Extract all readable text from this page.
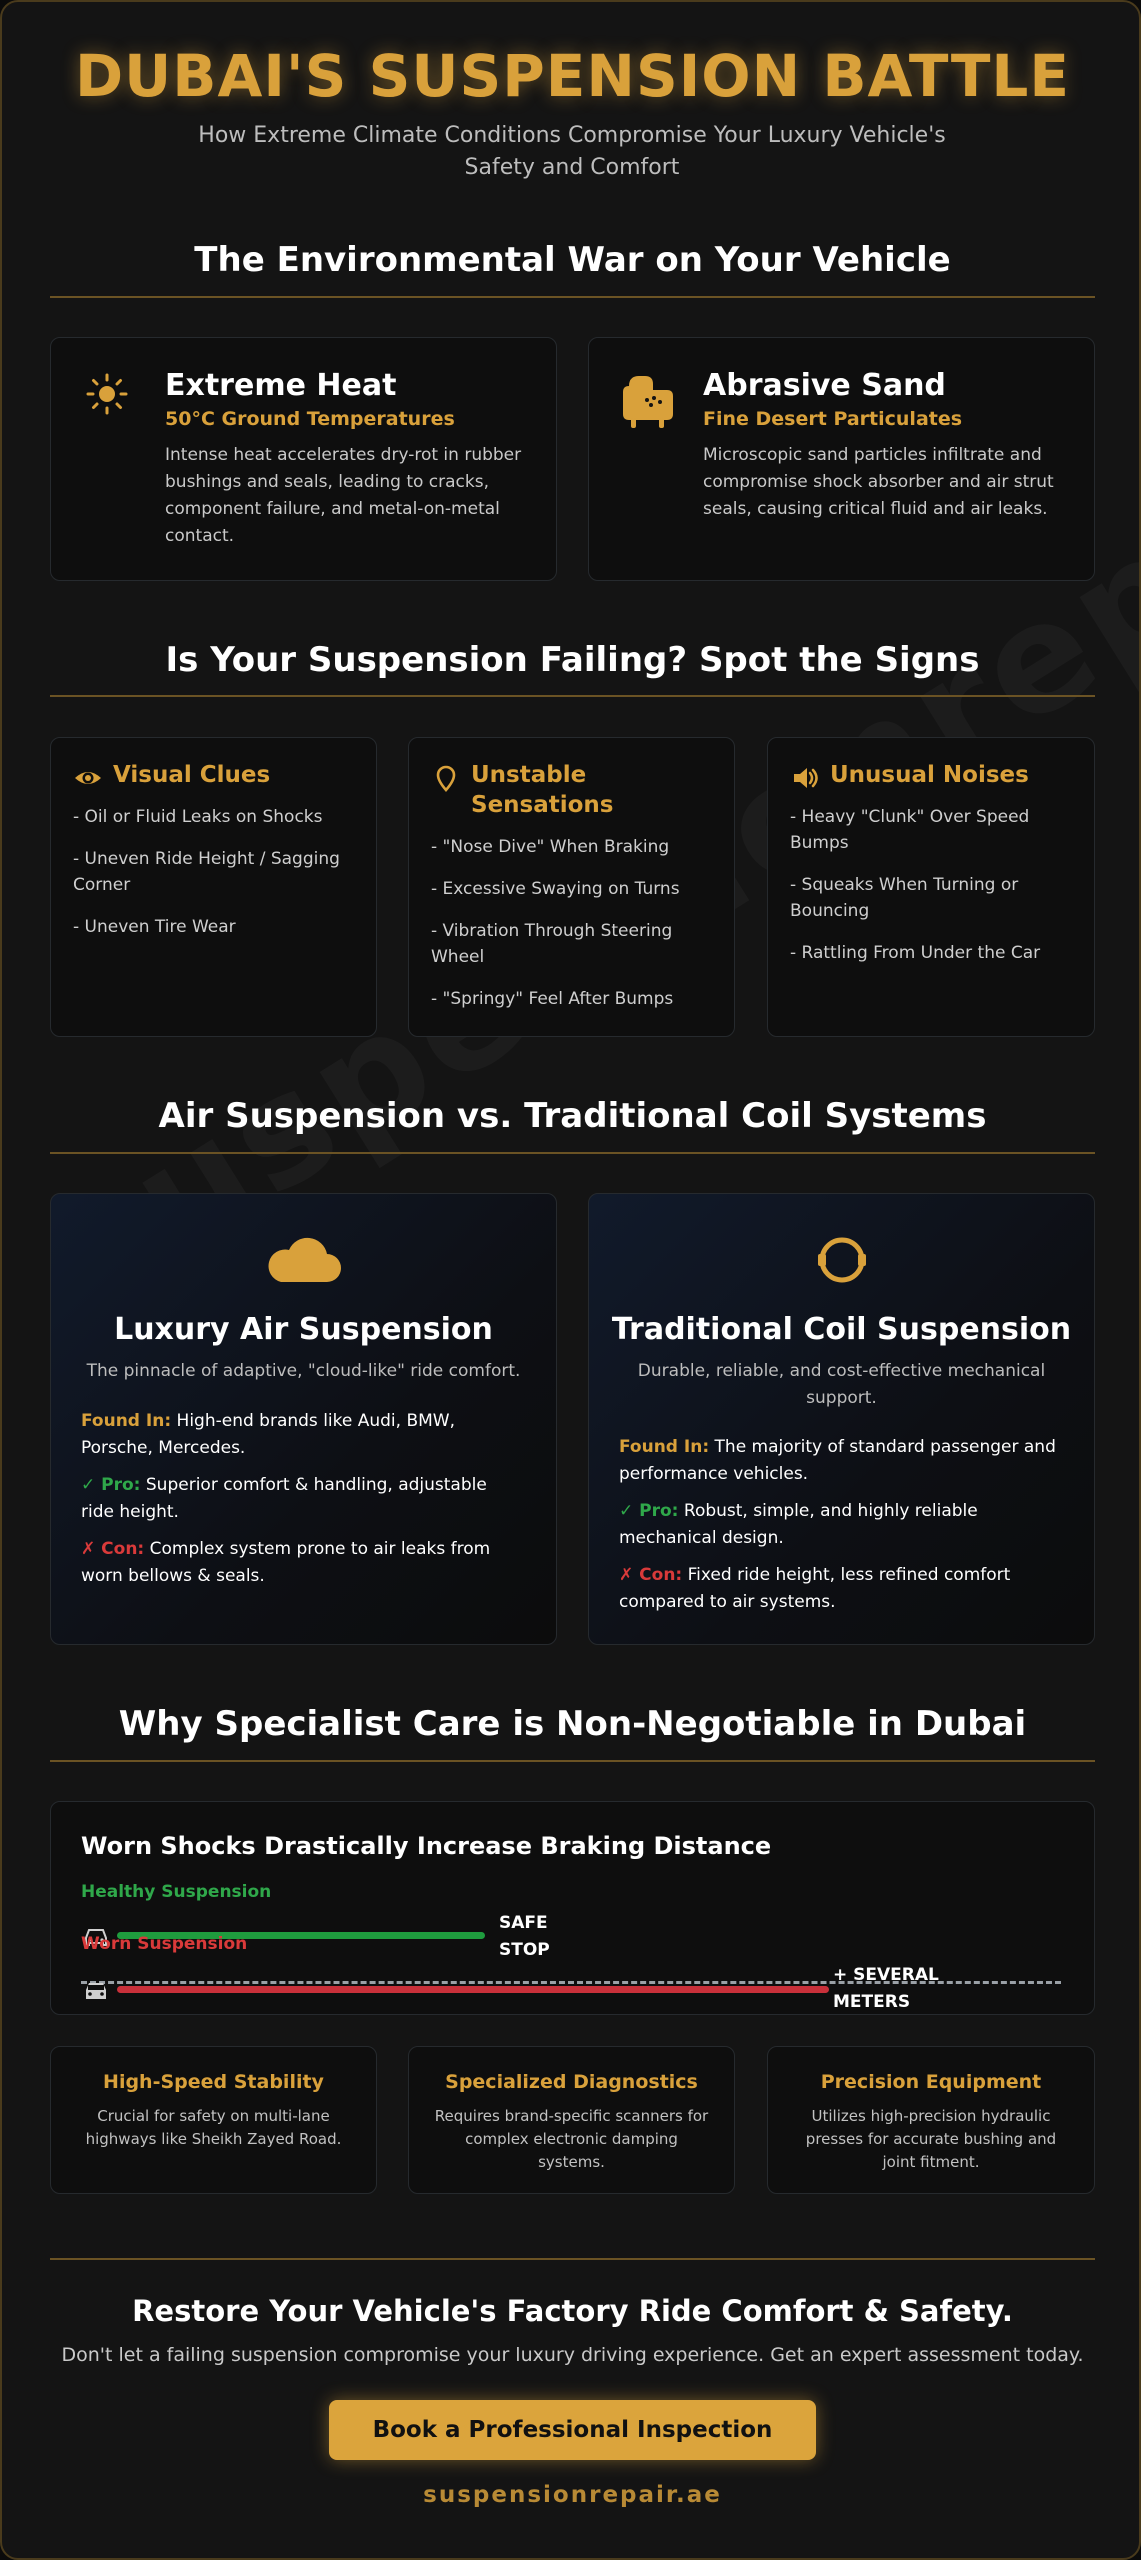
DUBAI'S SUSPENSION BATTLE

How Extreme Climate Conditions Compromise Your Luxury Vehicle's Safety and Comfort

The Environmental War on Your Vehicle
Extreme Heat
50°C Ground Temperatures
Intense heat accelerates dry-rot in rubber bushings and seals, leading to cracks, component failure, and metal-on-metal contact.
Abrasive Sand
Fine Desert Particulates
Microscopic sand particles infiltrate and compromise shock absorber and air strut seals, causing critical fluid and air leaks.
Is Your Suspension Failing? Spot the Signs
Visual Clues
- Oil or Fluid Leaks on Shocks
- Uneven Ride Height / Sagging Corner
- Uneven Tire Wear
Unstable Sensations
- "Nose Dive" When Braking
- Excessive Swaying on Turns
- Vibration Through Steering Wheel
- "Springy" Feel After Bumps
Unusual Noises
- Heavy "Clunk" Over Speed Bumps
- Squeaks When Turning or Bouncing
- Rattling From Under the Car
Air Suspension vs. Traditional Coil Systems
Luxury Air Suspension
The pinnacle of adaptive, "cloud-like" ride comfort.
Found In: High-end brands like Audi, BMW, Porsche, Mercedes.
✓ Pro: Superior comfort & handling, adjustable ride height.
✗ Con: Complex system prone to air leaks from worn bellows & seals.
Traditional Coil Suspension
Durable, reliable, and cost-effective mechanical support.
Found In: The majority of standard passenger and performance vehicles.
✓ Pro: Robust, simple, and highly reliable mechanical design.
✗ Con: Fixed ride height, less refined comfort compared to air systems.
Why Specialist Care is Non-Negotiable in Dubai
Worn Shocks Drastically Increase Braking Distance
Healthy Suspension
SAFE
STOP
Worn Suspension
+ SEVERAL
METERS
High-Speed Stability
Crucial for safety on multi-lane highways like Sheikh Zayed Road.
Specialized Diagnostics
Requires brand-specific scanners for complex electronic damping systems.
Precision Equipment
Utilizes high-precision hydraulic presses for accurate bushing and joint fitment.
Restore Your Vehicle's Factory Ride Comfort & Safety.

Don't let a failing suspension compromise your luxury driving experience. Get an expert assessment today.

Book a Professional Inspection
suspensionrepair.ae
